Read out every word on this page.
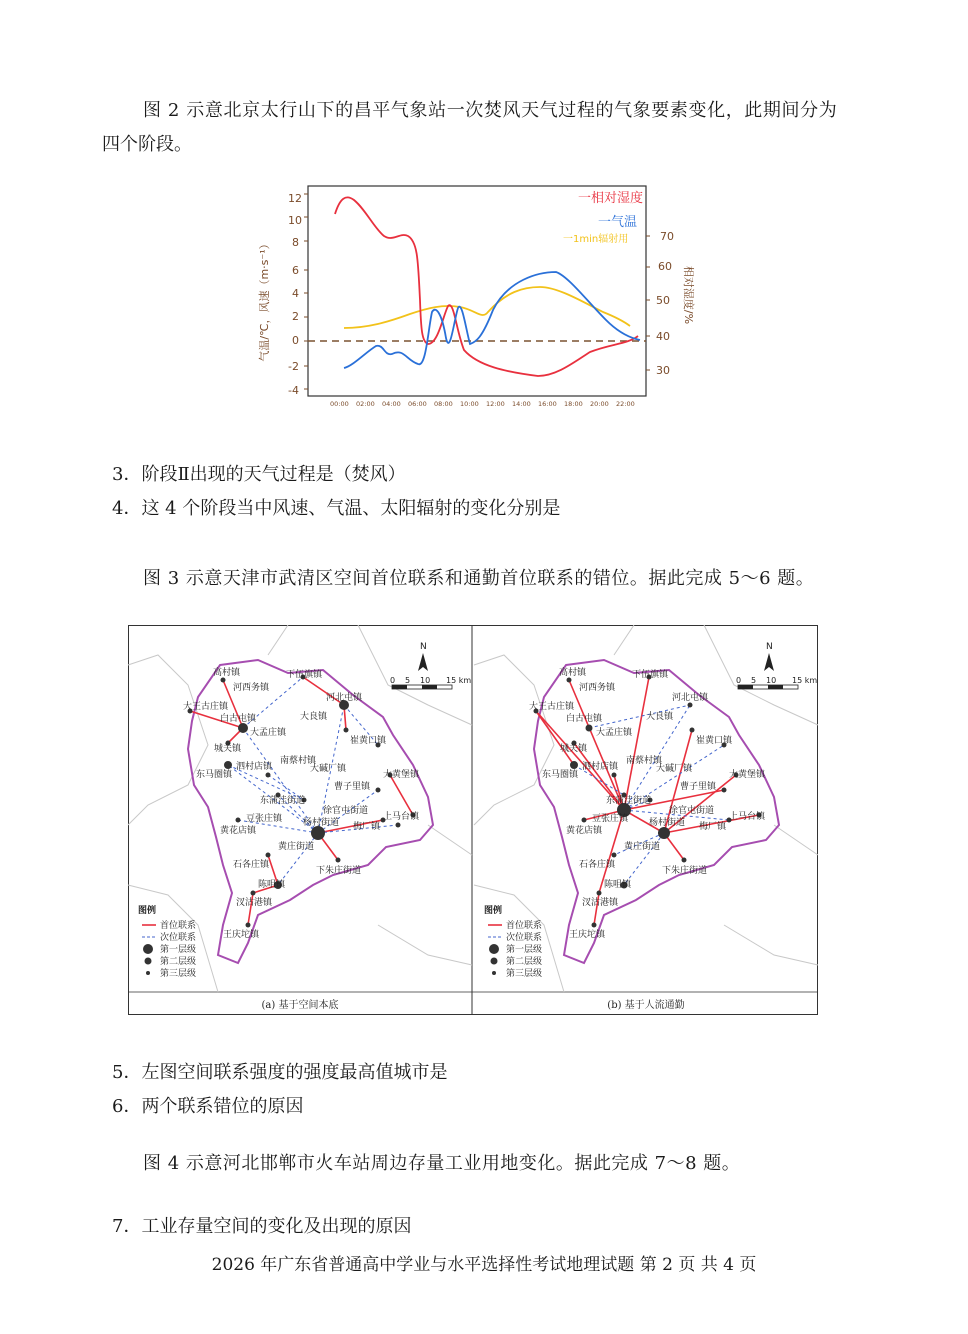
图 2 示意北京太行山下的昌平气象站一次焚风天气过程的气象要素变化，此期间分为
四个阶段。
12
10
8
6
4
2
0
-2
-4
70
60
50
40
30
气温/℃，风速（m·s⁻¹）	相对湿度/%
00:00 02:00 04:00 06:00 08:00 10:00 12:00 14:00 16:00 18:00 20:00 22:00
一相对湿度
一气温
一1min辐射用
3．阶段Ⅱ出现的天气过程是（焚风）
4．这 4 个阶段当中风速、气温、太阳辐射的变化分别是
图 3 示意天津市武清区空间首位联系和通勤首位联系的错位。据此完成 5～6 题。
高村镇	下伍旗镇
河西务镇
河北屯镇
大王古庄镇
白古屯镇	大良镇
大孟庄镇
崔黄口镇
城关镇
南蔡村镇
泗村店镇	大碱厂镇
东马圈镇	大黄堡镇
东蒲洼街道
曹子里镇
豆张庄镇
徐官屯街道
杨村街道
黄花店镇	梅厂镇
上马台镇
黄庄街道
石各庄镇
下朱庄街道
陈咀镇
汊沽港镇
王庆坨镇
N
0 5 10 15 km
图例
首位联系
次位联系
第一层级
第二层级
第三层级
(a) 基于空间本底
高村镇	下伍旗镇
河西务镇
河北屯镇
大王古庄镇
白古屯镇	大良镇
大孟庄镇
崔黄口镇
城关镇
南蔡村镇
泗村店镇	大碱厂镇
东马圈镇	大黄堡镇
东蒲洼街道
曹子里镇
豆张庄镇
徐官屯街道
杨村街道
黄花店镇	梅厂镇
上马台镇
黄庄街道
石各庄镇
下朱庄街道
陈咀镇
汊沽港镇
王庆坨镇
N
0 5 10 15 km
图例
首位联系
次位联系
第一层级
第二层级
第三层级
(b) 基于人流通勤
5．左图空间联系强度的强度最高值城市是
6．两个联系错位的原因
图 4 示意河北邯郸市火车站周边存量工业用地变化。据此完成 7～8 题。
7．工业存量空间的变化及出现的原因
2026 年广东省普通高中学业与水平选择性考试地理试题 第 2 页 共 4 页
